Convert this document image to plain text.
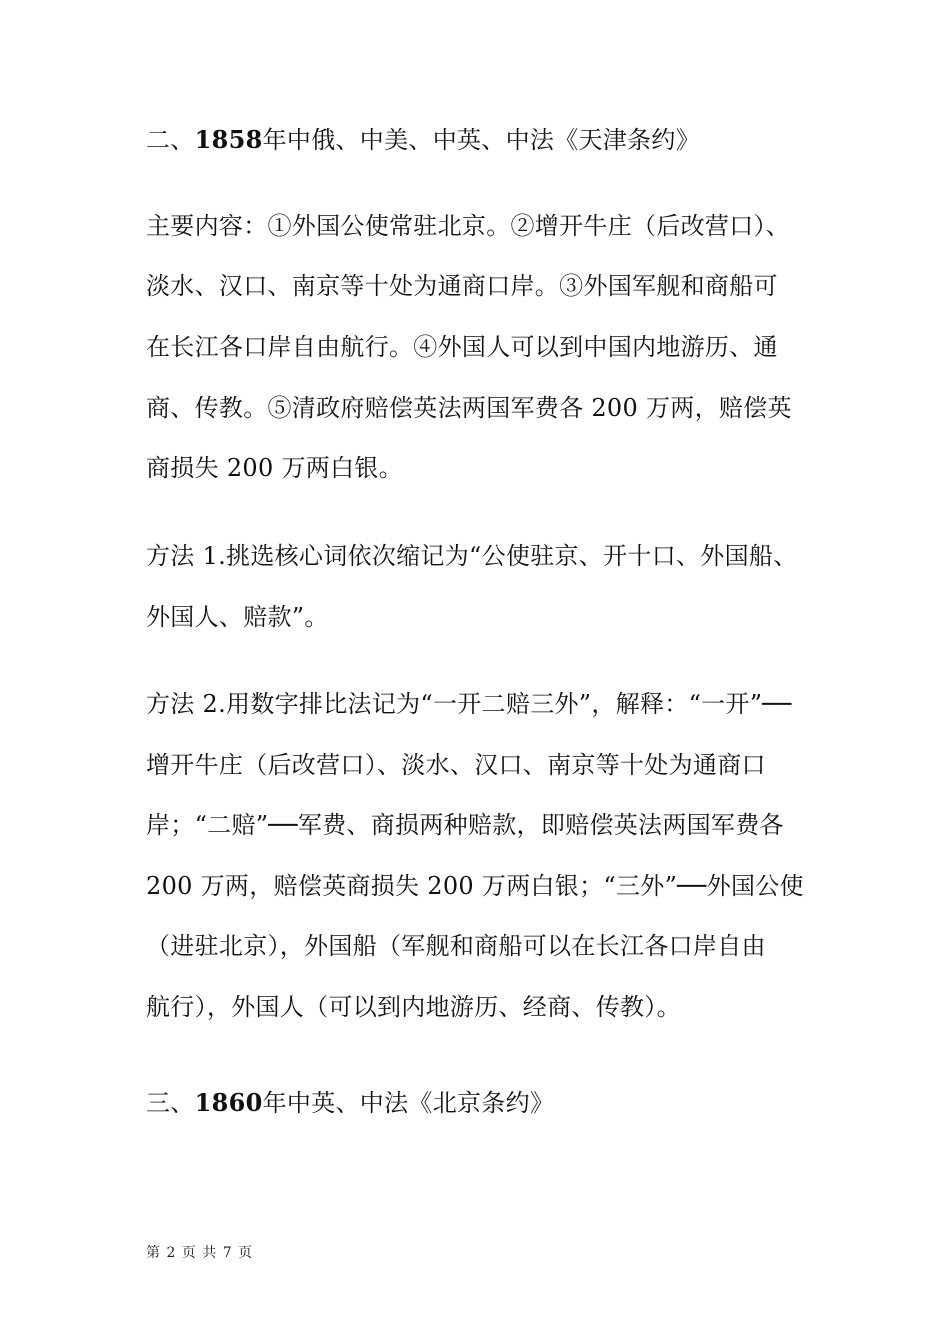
二、1858年中俄、中美、中英、中法《天津条约》
主要内容：①外国公使常驻北京。②增开牛庄（后改营口）、
淡水、汉口、南京等十处为通商口岸。③外国军舰和商船可
在长江各口岸自由航行。④外国人可以到中国内地游历、通
商、传教。⑤清政府赔偿英法两国军费各 200 万两，赔偿英
商损失 200 万两白银。
方法 1.挑选核心词依次缩记为“公使驻京、开十口、外国船、
外国人、赔款”。
方法 2.用数字排比法记为“一开二赔三外”，解释：“一开”──
增开牛庄（后改营口）、淡水、汉口、南京等十处为通商口
岸；“二赔”──军费、商损两种赔款，即赔偿英法两国军费各
200 万两，赔偿英商损失 200 万两白银；“三外”──外国公使
（进驻北京），外国船（军舰和商船可以在长江各口岸自由
航行），外国人（可以到内地游历、经商、传教）。
三、1860年中英、中法《北京条约》
第 2 页 共 7 页
